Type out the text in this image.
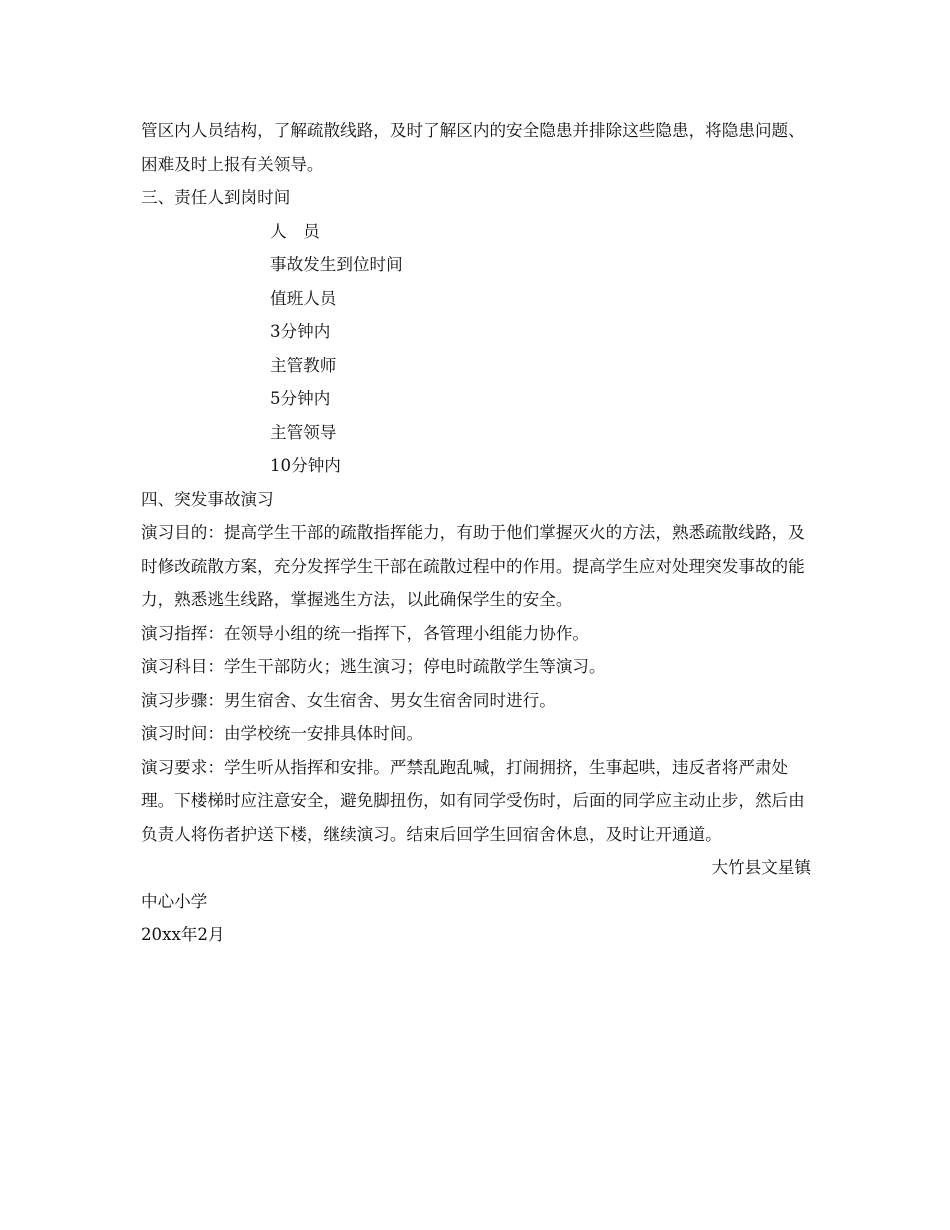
管区内人员结构，了解疏散线路，及时了解区内的安全隐患并排除这些隐患，将隐患问题、困难及时上报有关领导。

三、责任人到岗时间

人　员

事故发生到位时间

值班人员

3分钟内

主管教师

5分钟内

主管领导

10分钟内

四、突发事故演习

演习目的：提高学生干部的疏散指挥能力，有助于他们掌握灭火的方法，熟悉疏散线路，及时修改疏散方案，充分发挥学生干部在疏散过程中的作用。提高学生应对处理突发事故的能力，熟悉逃生线路，掌握逃生方法，以此确保学生的安全。

演习指挥：在领导小组的统一指挥下，各管理小组能力协作。

演习科目：学生干部防火；逃生演习；停电时疏散学生等演习。

演习步骤：男生宿舍、女生宿舍、男女生宿舍同时进行。

演习时间：由学校统一安排具体时间。

演习要求：学生听从指挥和安排。严禁乱跑乱喊，打闹拥挤，生事起哄，违反者将严肃处理。下楼梯时应注意安全，避免脚扭伤，如有同学受伤时，后面的同学应主动止步，然后由负责人将伤者护送下楼，继续演习。结束后回学生回宿舍休息，及时让开通道。

大竹县文星镇

中心小学

20xx年2月
